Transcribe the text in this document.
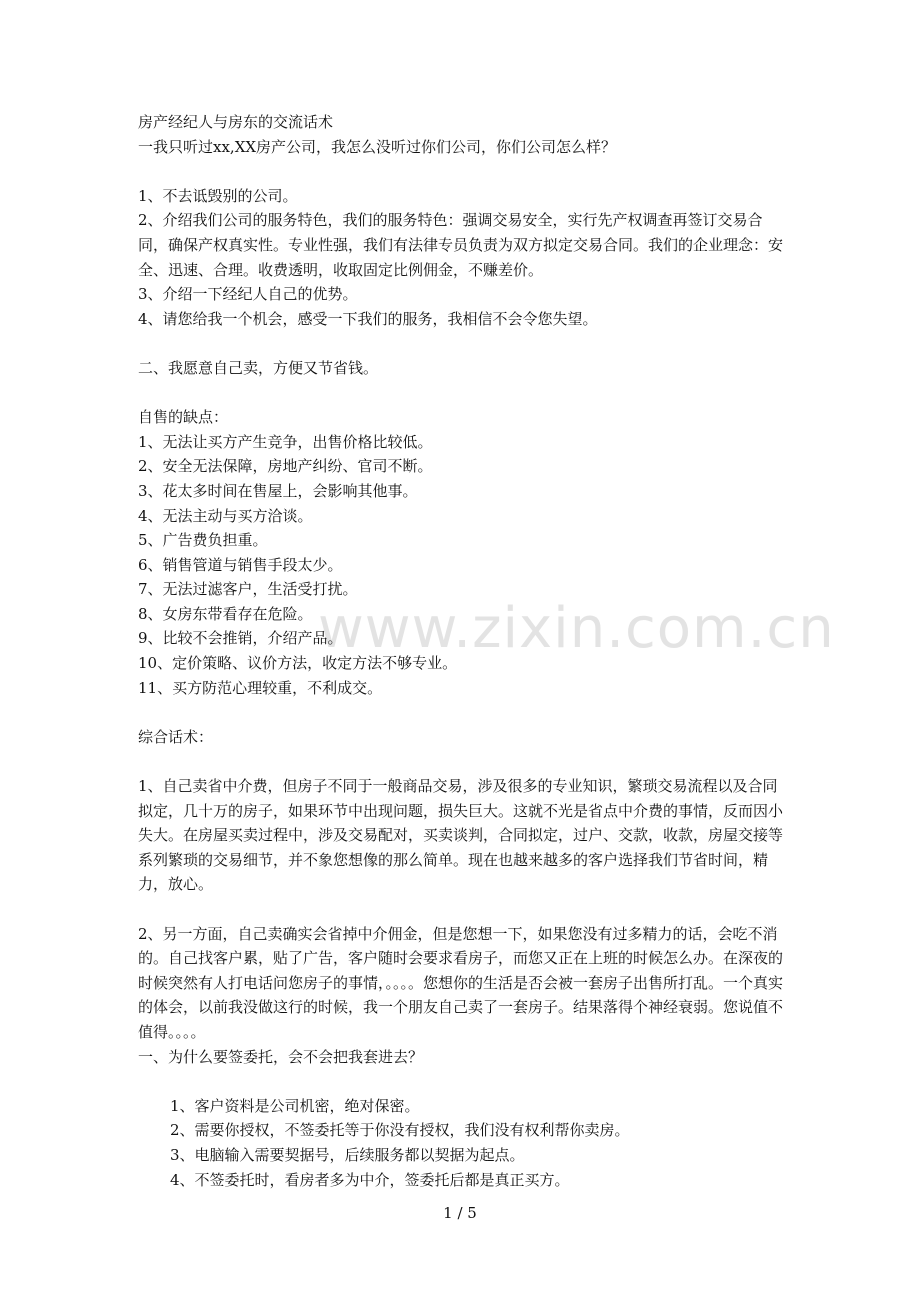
www.zixin.com.cn
房产经纪人与房东的交流话术
一我只听过xx,XX房产公司，我怎么没听过你们公司，你们公司怎么样？
1、不去诋毁别的公司。
2、介绍我们公司的服务特色，我们的服务特色：强调交易安全，实行先产权调查再签订交易合同，确保产权真实性。专业性强，我们有法律专员负责为双方拟定交易合同。我们的企业理念：安全、迅速、合理。收费透明，收取固定比例佣金，不赚差价。
3、介绍一下经纪人自己的优势。
4、请您给我一个机会，感受一下我们的服务，我相信不会令您失望。
二、我愿意自己卖，方便又节省钱。
自售的缺点：
1、无法让买方产生竞争，出售价格比较低。
2、安全无法保障，房地产纠纷、官司不断。
3、花太多时间在售屋上，会影响其他事。
4、无法主动与买方洽谈。
5、广告费负担重。
6、销售管道与销售手段太少。
7、无法过滤客户，生活受打扰。
8、女房东带看存在危险。
9、比较不会推销，介绍产品。
10、定价策略、议价方法，收定方法不够专业。
11、买方防范心理较重，不利成交。
综合话术：
1、自己卖省中介费，但房子不同于一般商品交易，涉及很多的专业知识，繁琐交易流程以及合同拟定，几十万的房子，如果环节中出现问题，损失巨大。这就不光是省点中介费的事情，反而因小失大。在房屋买卖过程中，涉及交易配对，买卖谈判，合同拟定，过户、交款，收款，房屋交接等系列繁琐的交易细节，并不象您想像的那么简单。现在也越来越多的客户选择我们节省时间，精力，放心。
2、另一方面，自己卖确实会省掉中介佣金，但是您想一下，如果您没有过多精力的话，会吃不消的。自己找客户累，贴了广告，客户随时会要求看房子，而您又正在上班的时候怎么办。在深夜的时候突然有人打电话问您房子的事情，。。。。您想你的生活是否会被一套房子出售所打乱。一个真实的体会，以前我没做这行的时候，我一个朋友自己卖了一套房子。结果落得个神经衰弱。您说值不值得。。。。
一、为什么要签委托，会不会把我套进去？
1、客户资料是公司机密，绝对保密。
2、需要你授权，不签委托等于你没有授权，我们没有权利帮你卖房。
3、电脑输入需要契据号，后续服务都以契据为起点。
4、不签委托时，看房者多为中介，签委托后都是真正买方。
1 / 5
